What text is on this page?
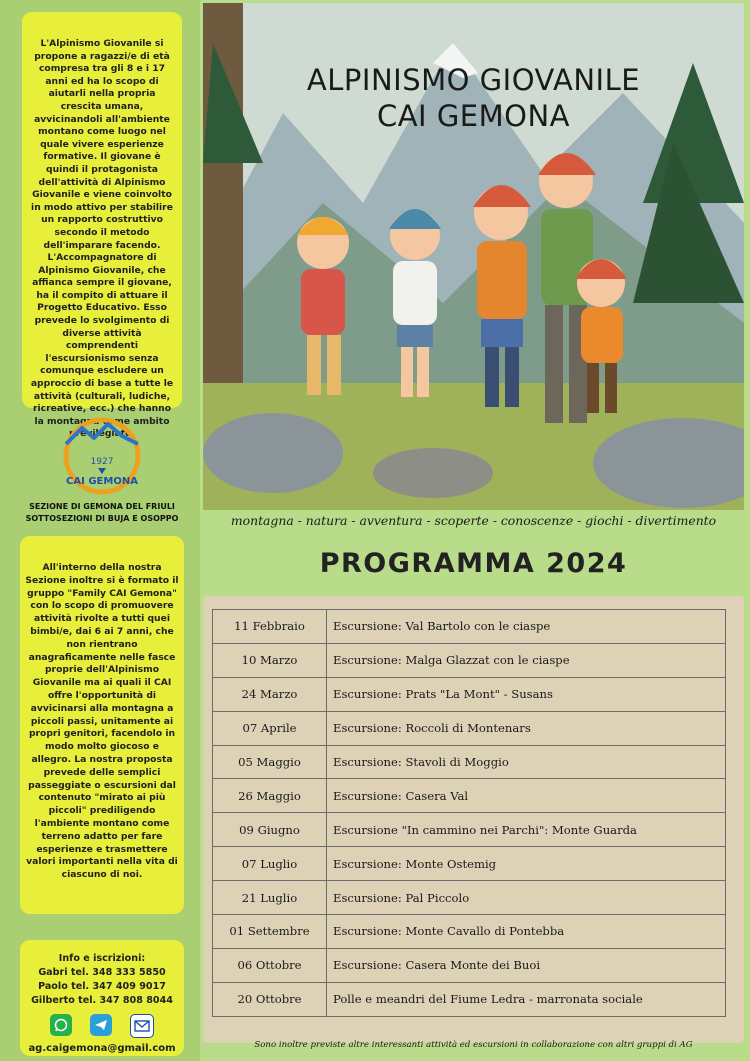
L'Alpinismo Giovanile si propone a ragazzi/e di età compresa tra gli 8 e i 17 anni ed ha lo scopo di aiutarli nella propria crescita umana, avvicinandoli all'ambiente montano come luogo nel quale vivere esperienze formative. Il giovane è quindi il protagonista dell'attività di Alpinismo Giovanile e viene coinvolto in modo attivo per stabilire un rapporto costruttivo secondo il metodo dell'imparare facendo. L'Accompagnatore di Alpinismo Giovanile, che affianca sempre il giovane, ha il compito di attuare il Progetto Educativo. Esso prevede lo svolgimento di diverse attività comprendenti l'escursionismo senza comunque escludere un approccio di base a tutte le attività (culturali, ludiche, ricreative, ecc.) che hanno la montagna come ambito previlegiato.
1927
CAI GEMONA
SEZIONE DI GEMONA DEL FRIULI
SOTTOSEZIONI DI BUJA E OSOPPO
All'interno della nostra Sezione inoltre si è formato il gruppo "Family CAI Gemona" con lo scopo di promuovere attività rivolte a tutti quei bimbi/e, dai 6 ai 7 anni, che non rientrano anagraficamente nelle fasce proprie dell'Alpinismo Giovanile ma ai quali il CAI offre l'opportunità di avvicinarsi alla montagna a piccoli passi, unitamente ai propri genitori, facendolo in modo molto giocoso e allegro. La nostra proposta prevede delle semplici passeggiate o escursioni dal contenuto "mirato ai più piccoli" prediligendo l'ambiente montano come terreno adatto per fare esperienze e trasmettere valori importanti nella vita di ciascuno di noi.
Info e iscrizioni:
Gabri tel. 348 333 5850
Paolo tel. 347 409 9017
Gilberto tel. 347 808 8044
ag.caigemona@gmail.com
ALPINISMO GIOVANILE
CAI GEMONA
montagna - natura - avventura - scoperte - conoscenze - giochi - divertimento
PROGRAMMA 2024
11 Febbraio	Escursione: Val Bartolo con le ciaspe
10 Marzo	Escursione: Malga Glazzat con le ciaspe
24 Marzo	Escursione: Prats "La Mont" - Susans
07 Aprile	Escursione: Roccoli di Montenars
05 Maggio	Escursione: Stavoli di Moggio
26 Maggio	Escursione: Casera Val
09 Giugno	Escursione "In cammino nei Parchi": Monte Guarda
07 Luglio	Escursione: Monte Ostemig
21 Luglio	Escursione: Pal Piccolo
01 Settembre	Escursione: Monte Cavallo di Pontebba
06 Ottobre	Escursione: Casera Monte dei Buoi
20 Ottobre	Polle e meandri del Fiume Ledra - marronata sociale
Sono inoltre previste altre interessanti attività ed escursioni in collaborazione con altri gruppi di AG
